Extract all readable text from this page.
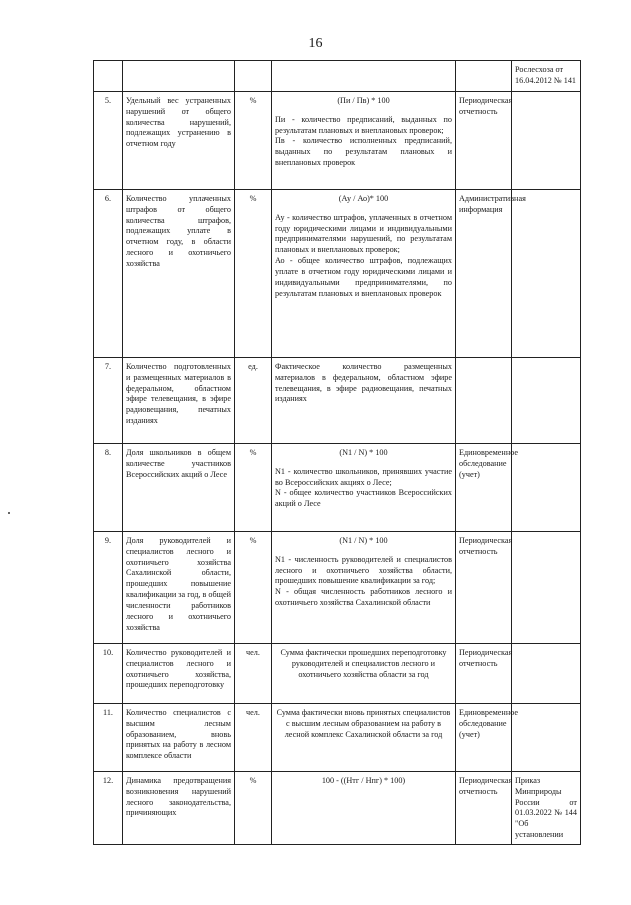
16
					Рослесхоза от 16.04.2012 № 141
5.	Удельный вес устраненных нарушений от общего количества нарушений, подлежащих устранению в отчетном году	%	(Пи / Пв) * 100
Пи - количество предписаний, выданных по результатам плановых и внеплановых проверок;
Пв - количество исполненных предписаний, выданных по результатам плановых и внеплановых проверок	Периодическая отчетность	
6.	Количество уплаченных штрафов от общего количества штрафов, подлежащих уплате в отчетном году, в области лесного и охотничьего хозяйства	%	(Ау / Ао)* 100
Ау - количество штрафов, уплаченных в отчетном году юридическими лицами и индивидуальными предпринимателями нарушений, по результатам плановых и внеплановых проверок;
Ао - общее количество штрафов, подлежащих уплате в отчетном году юридическими лицами и индивидуальными предпринимателями, по результатам плановых и внеплановых проверок	Административная информация	
7.	Количество подготовленных и размещенных материалов в федеральном, областном эфире телевещания, в эфире радиовещания, печатных изданиях	ед.	Фактическое количество размещенных материалов в федеральном, областном эфире телевещания, в эфире радиовещания, печатных изданиях		

8.	Доля школьников в общем количестве участников Всероссийских акций о Лесе	%	(N1 / N) * 100
N1 - количество школьников, принявших участие во Всероссийских акциях о Лесе;
N - общее количество участников Всероссийских акций о Лесе	Единовременное обследование (учет)	
9.	Доля руководителей и специалистов лесного и охотничьего хозяйства Сахалинской области, прошедших повышение квалификации за год, в общей численности работников лесного и охотничьего хозяйства	%	(N1 / N) * 100
N1 - численность руководителей и специалистов лесного и охотничьего хозяйства области, прошедших повышение квалификации за год;
N - общая численность работников лесного и охотничьего хозяйства Сахалинской области	Периодическая отчетность	
10.	Количество руководителей и специалистов лесного и охотничьего хозяйства, прошедших переподготовку	чел.	Сумма фактически прошедших переподготовку руководителей и специалистов лесного и охотничьего хозяйства области за год	Периодическая отчетность	
11.	Количество специалистов с высшим лесным образованием, вновь принятых на работу в лесном комплексе области	чел.	Сумма фактически вновь принятых специалистов с высшим лесным образованием на работу в лесной комплекс Сахалинской области за год	Единовременное обследование (учет)	
12.	Динамика предотвращения возникновения нарушений лесного законодательства, причиняющих	%	100 - ((Нтг / Нпг) * 100)	Периодическая отчетность	Приказ Минприроды России от 01.03.2022 № 144 "Об установлении
